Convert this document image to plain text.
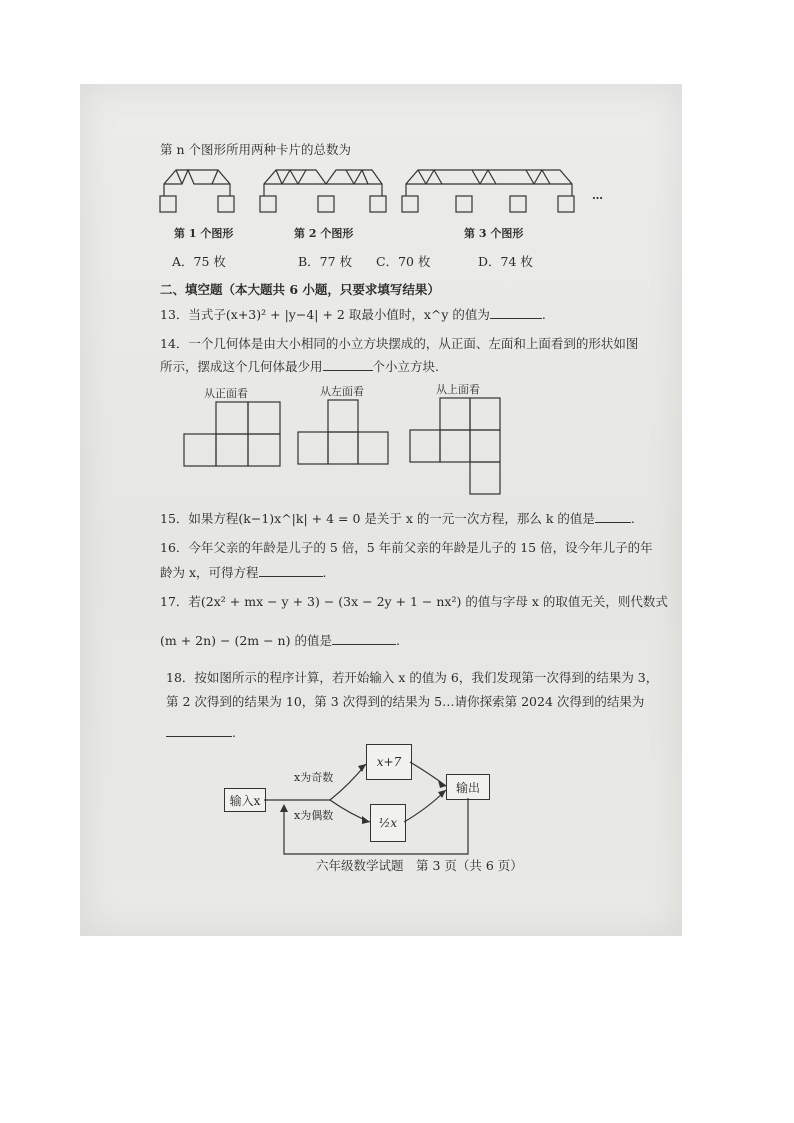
第 n 个图形所用两种卡片的总数为
第 1 个图形	第 2 个图形
…
第 3 个图形
A．75 枚	B．77 枚 C．70 枚	D．74 枚
二、填空题（本大题共 6 小题，只要求填写结果）
13．当式子(x+3)² + |y−4| + 2 取最小值时，x^y 的值为	.
14．一个几何体是由大小相同的小立方块摆成的，从正面、左面和上面看到的形状如图
所示，摆成这个几何体最少用	个小立方块.
从正面看	从左面看	从上面看
15．如果方程(k−1)x^|k| + 4 = 0 是关于 x 的一元一次方程，那么 k 的值是	.
16．今年父亲的年龄是儿子的 5 倍，5 年前父亲的年龄是儿子的 15 倍，设今年儿子的年
龄为 x，可得方程	.
17．若(2x² + mx − y + 3) − (3x − 2y + 1 − nx²) 的值与字母 x 的取值无关，则代数式
(m + 2n) − (2m − n) 的值是	.
18．按如图所示的程序计算，若开始输入 x 的值为 6，我们发现第一次得到的结果为 3，
第 2 次得到的结果为 10，第 3 次得到的结果为 5…请你探索第 2024 次得到的结果为
.
输入x
x为奇数
x为偶数
x+7
½x
输出
六年级数学试题　第 3 页（共 6 页）
